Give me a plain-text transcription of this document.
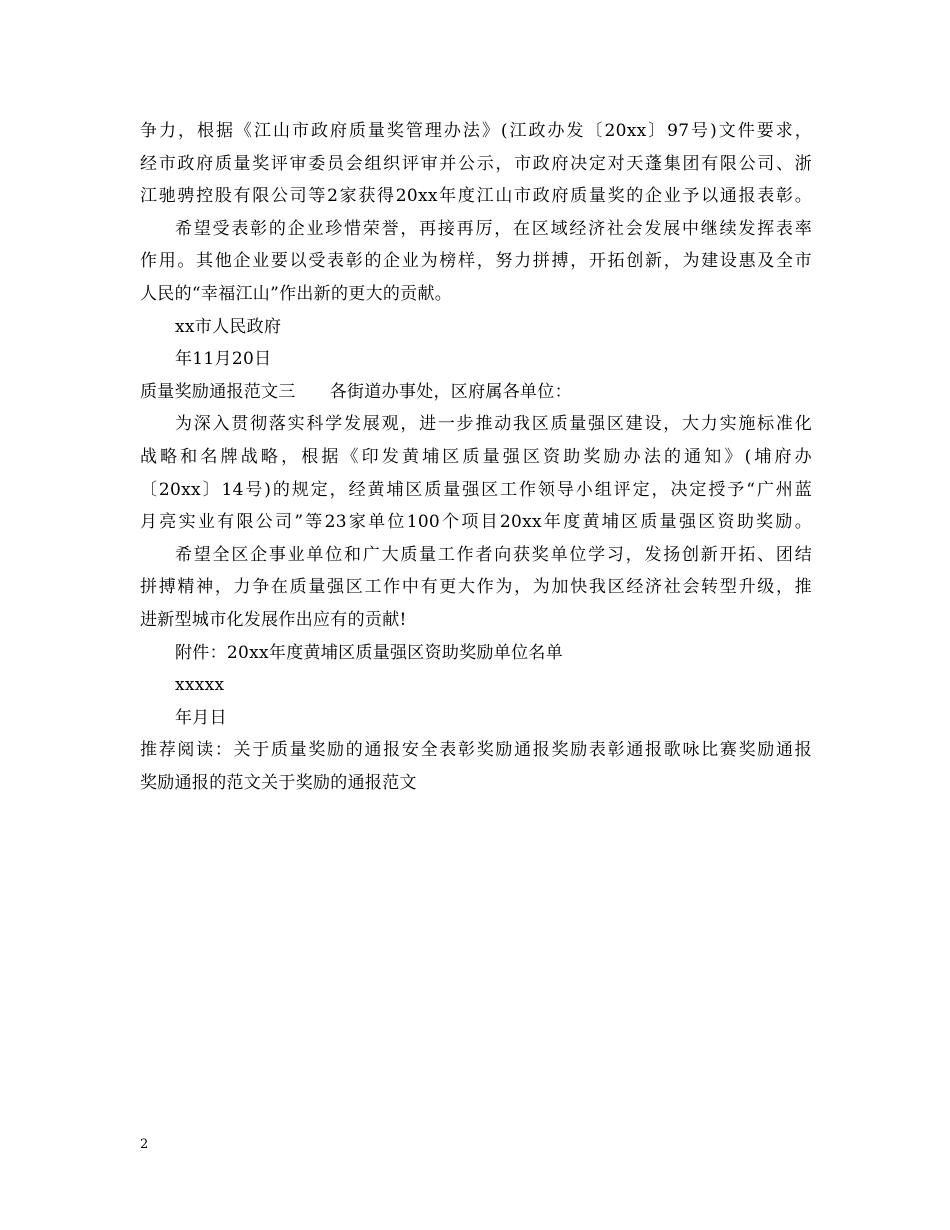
争力，根据《江山市政府质量奖管理办法》(江政办发〔20xx〕97号)文件要求，
经市政府质量奖评审委员会组织评审并公示，市政府决定对天蓬集团有限公司、浙
江驰骋控股有限公司等2家获得20xx年度江山市政府质量奖的企业予以通报表彰。
希望受表彰的企业珍惜荣誉，再接再厉，在区域经济社会发展中继续发挥表率
作用。其他企业要以受表彰的企业为榜样，努力拼搏，开拓创新，为建设惠及全市
人民的“幸福江山”作出新的更大的贡献。
xx市人民政府
年11月20日
质量奖励通报范文三 各街道办事处，区府属各单位：
为深入贯彻落实科学发展观，进一步推动我区质量强区建设，大力实施标准化
战略和名牌战略，根据《印发黄埔区质量强区资助奖励办法的通知》(埔府办
〔20xx〕14号)的规定，经黄埔区质量强区工作领导小组评定，决定授予“广州蓝
月亮实业有限公司”等23家单位100个项目20xx年度黄埔区质量强区资助奖励。
希望全区企事业单位和广大质量工作者向获奖单位学习，发扬创新开拓、团结
拼搏精神，力争在质量强区工作中有更大作为，为加快我区经济社会转型升级，推
进新型城市化发展作出应有的贡献!
附件：20xx年度黄埔区质量强区资助奖励单位名单
xxxxx
年月日
推荐阅读：关于质量奖励的通报安全表彰奖励通报奖励表彰通报歌咏比赛奖励通报
奖励通报的范文关于奖励的通报范文
2
